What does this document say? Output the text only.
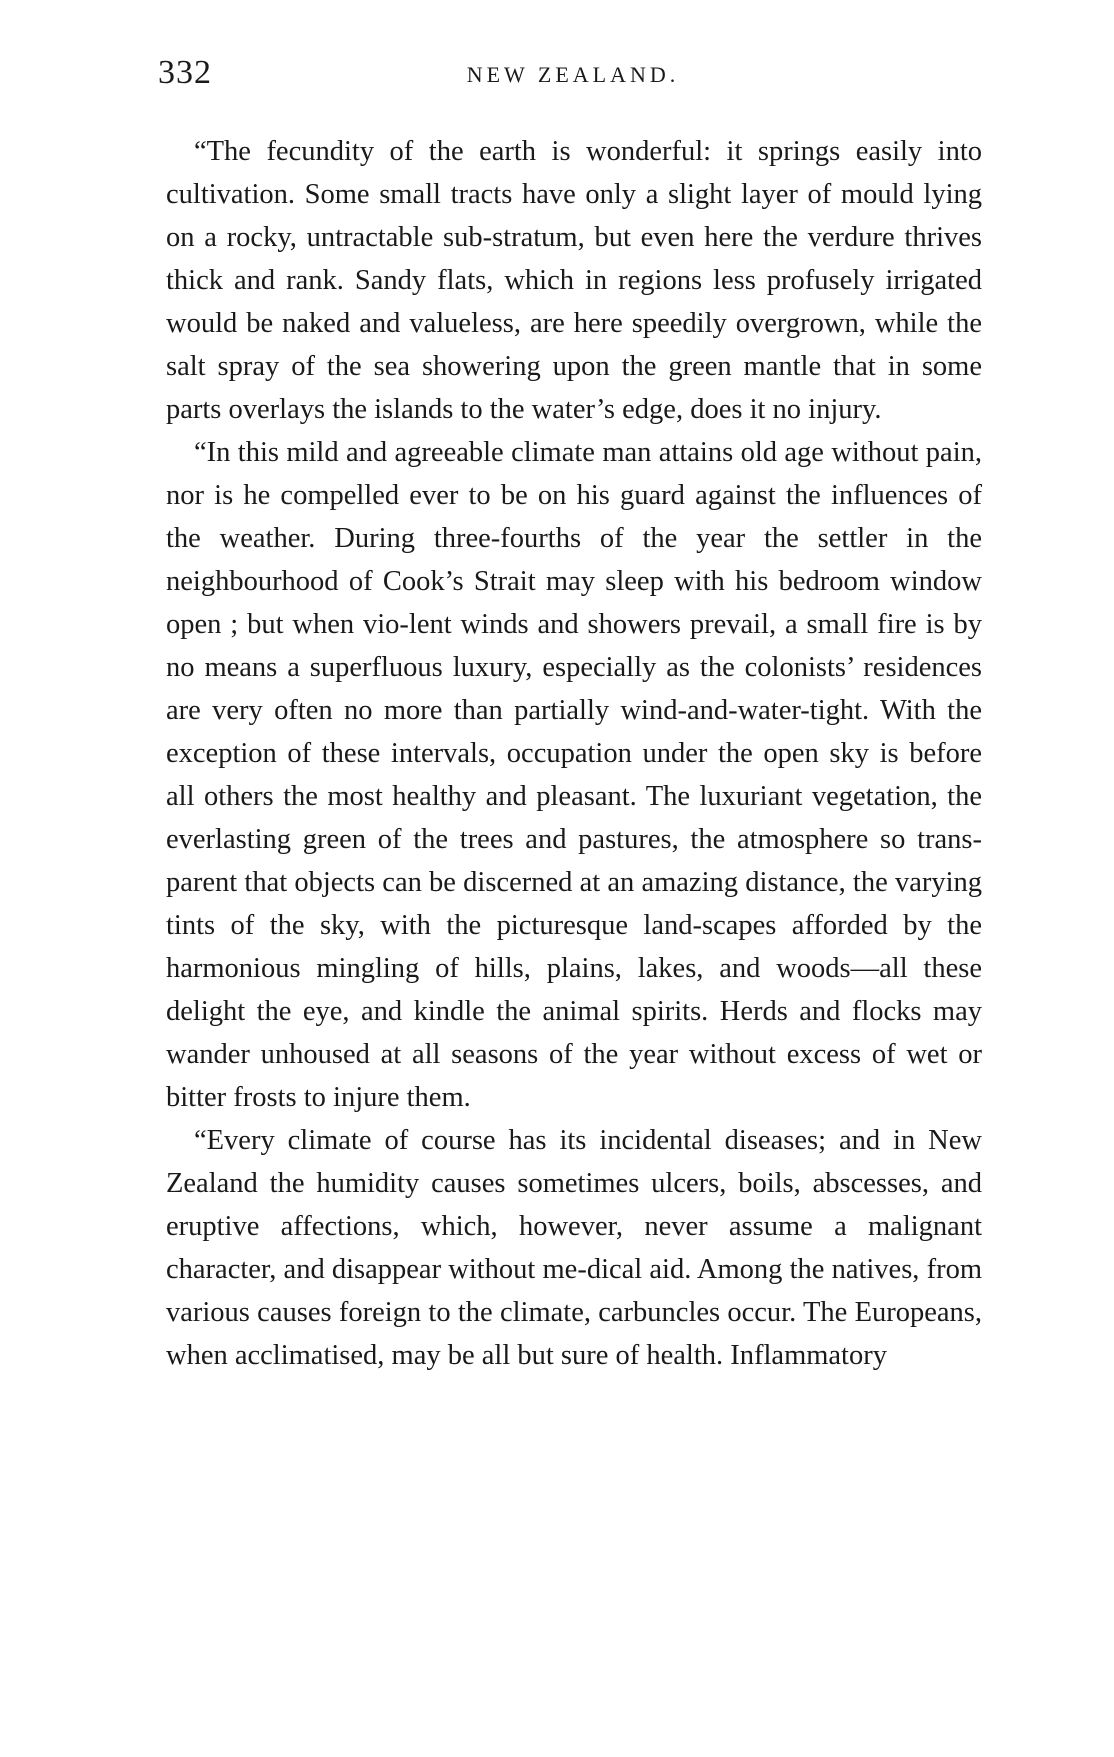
332	NEW ZEALAND.

“The fecundity of the earth is wonderful: it springs easily into cultivation. Some small tracts have only a slight layer of mould lying on a rocky, untractable sub-stratum, but even here the verdure thrives thick and rank. Sandy flats, which in regions less profusely irrigated would be naked and valueless, are here speedily overgrown, while the salt spray of the sea showering upon the green mantle that in some parts overlays the islands to the water’s edge, does it no injury.

“In this mild and agreeable climate man attains old age without pain, nor is he compelled ever to be on his guard against the influences of the weather. During three-fourths of the year the settler in the neighbourhood of Cook’s Strait may sleep with his bedroom window open ; but when vio-lent winds and showers prevail, a small fire is by no means a superfluous luxury, especially as the colonists’ residences are very often no more than partially wind-and-water-tight. With the exception of these intervals, occupation under the open sky is before all others the most healthy and pleasant. The luxuriant vegetation, the everlasting green of the trees and pastures, the atmosphere so trans-parent that objects can be discerned at an amazing distance, the varying tints of the sky, with the picturesque land-scapes afforded by the harmonious mingling of hills, plains, lakes, and woods—all these delight the eye, and kindle the animal spirits. Herds and flocks may wander unhoused at all seasons of the year without excess of wet or bitter frosts to injure them.

“Every climate of course has its incidental diseases; and in New Zealand the humidity causes sometimes ulcers, boils, abscesses, and eruptive affections, which, however, never assume a malignant character, and disappear without me-dical aid. Among the natives, from various causes foreign to the climate, carbuncles occur. The Europeans, when acclimatised, may be all but sure of health. Inflammatory
